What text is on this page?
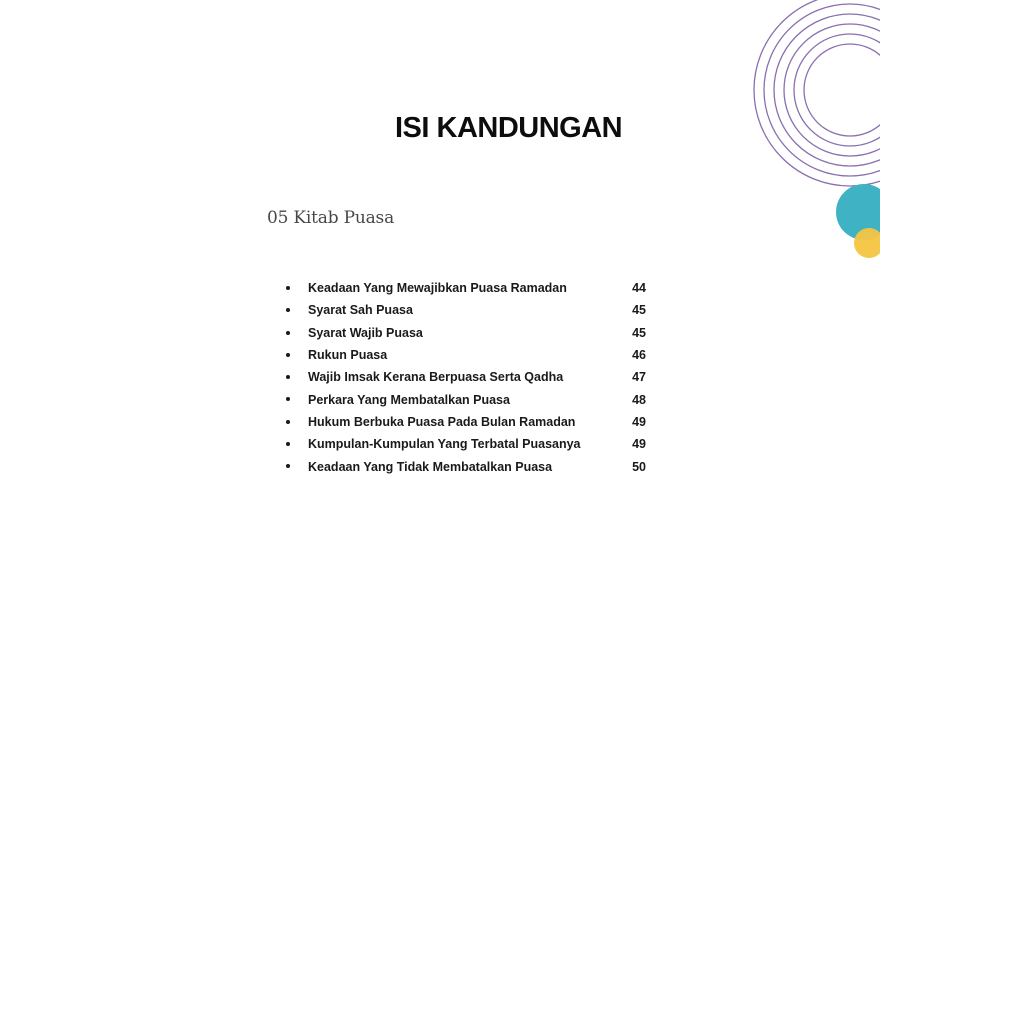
ISI KANDUNGAN
05 Kitab Puasa
Keadaan Yang Mewajibkan Puasa Ramadan	44
Syarat Sah Puasa	45
Syarat Wajib Puasa	45
Rukun Puasa	46
Wajib Imsak Kerana Berpuasa Serta Qadha	47
Perkara Yang Membatalkan Puasa	48
Hukum Berbuka Puasa Pada Bulan Ramadan	49
Kumpulan-Kumpulan Yang Terbatal Puasanya	49
Keadaan Yang Tidak Membatalkan Puasa	50
